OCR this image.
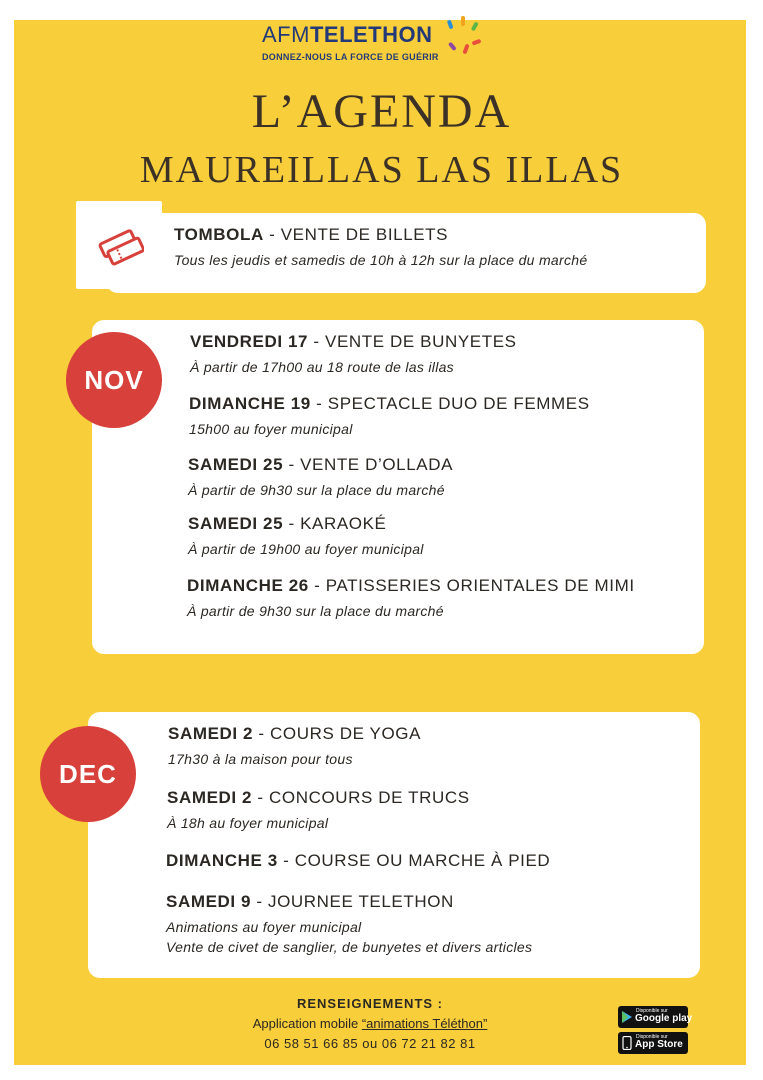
AFMTELETHON
DONNEZ-NOUS LA FORCE DE GUÉRIR
L’AGENDA
MAUREILLAS LAS ILLAS
TOMBOLA - VENTE DE BILLETS
Tous les jeudis et samedis de 10h à 12h sur la place du marché
NOV
VENDREDI 17 - VENTE DE BUNYETES
À partir de 17h00 au 18 route de las illas
DIMANCHE 19 - SPECTACLE DUO DE FEMMES
15h00 au foyer municipal
SAMEDI 25 - VENTE D’OLLADA
À partir de 9h30 sur la place du marché
SAMEDI 25 - KARAOKÉ
À partir de 19h00 au foyer municipal
DIMANCHE 26 - PATISSERIES ORIENTALES DE MIMI
À partir de 9h30 sur la place du marché
DEC
SAMEDI 2 - COURS DE YOGA
17h30 à la maison pour tous
SAMEDI 2 - CONCOURS DE TRUCS
À 18h au foyer municipal
DIMANCHE 3 - COURSE OU MARCHE À PIED
SAMEDI 9 - JOURNEE TELETHON
Animations au foyer municipal
Vente de civet de sanglier, de bunyetes et divers articles
RENSEIGNEMENTS :
Application mobile “animations Téléthon”
06 58 51 66 85 ou 06 72 21 82 81
Disponible sur
Google play
Disponible sur
App Store
